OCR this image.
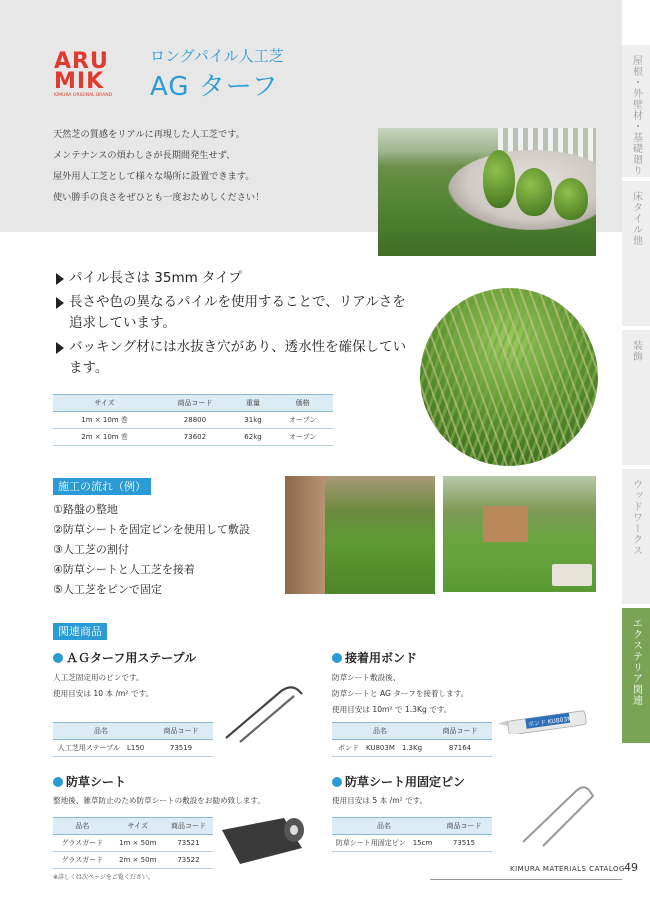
ARU
MIK
KIMURA ORIGINAL BRAND
ロングパイル人工芝
AG ターフ

天然芝の質感をリアルに再現した人工芝です。

メンテナンスの煩わしさが長期間発生せず、

屋外用人工芝として様々な場所に設置できます。

使い勝手の良さをぜひとも一度おためしください！

パイル長さは 35mm タイプ
長さや色の異なるパイルを使用することで、リアルさを追求しています。
バッキング材には水抜き穴があり、透水性を確保しています。
サイズ	商品コード	重量	価格
1m × 10m 巻	28800	31kg	オープン
2m × 10m 巻	73602	62kg	オープン
施工の流れ（例）
①路盤の整地
②防草シートを固定ピンを使用して敷設
③人工芝の割付
④防草シートと人工芝を接着
⑤人工芝をピンで固定
関連商品
ＡＧターフ用ステープル
人工芝固定用のピンです。
使用目安は 10 本 /m² です。
品名	商品コード
人工芝用ステープル　L150	73519
接着用ボンド
防草シート敷設後、
防草シートと AG ターフを接着します。
使用目安は 10m² で 1.3Kg です。
品名	商品コード
ボンド　KU803M　1.3Kg	87164
ボンド KU803M
防草シート
整地後、雑草防止のため防草シートの敷設をお勧め致します。
品名	サイズ	商品コード
グラスガード	1m × 50m	73521
グラスガード	2m × 50m	73522
※詳しくは次ページをご覧ください。
防草シート用固定ピン
使用目安は 5 本 /m² です。
品名	商品コード
防草シート用固定ピン　15cm	73515
屋根・外壁材・基礎廻り
床タイル他
装飾
ウッドワークス
エクステリア関連
KIMURA MATERIALS CATALOG 49
